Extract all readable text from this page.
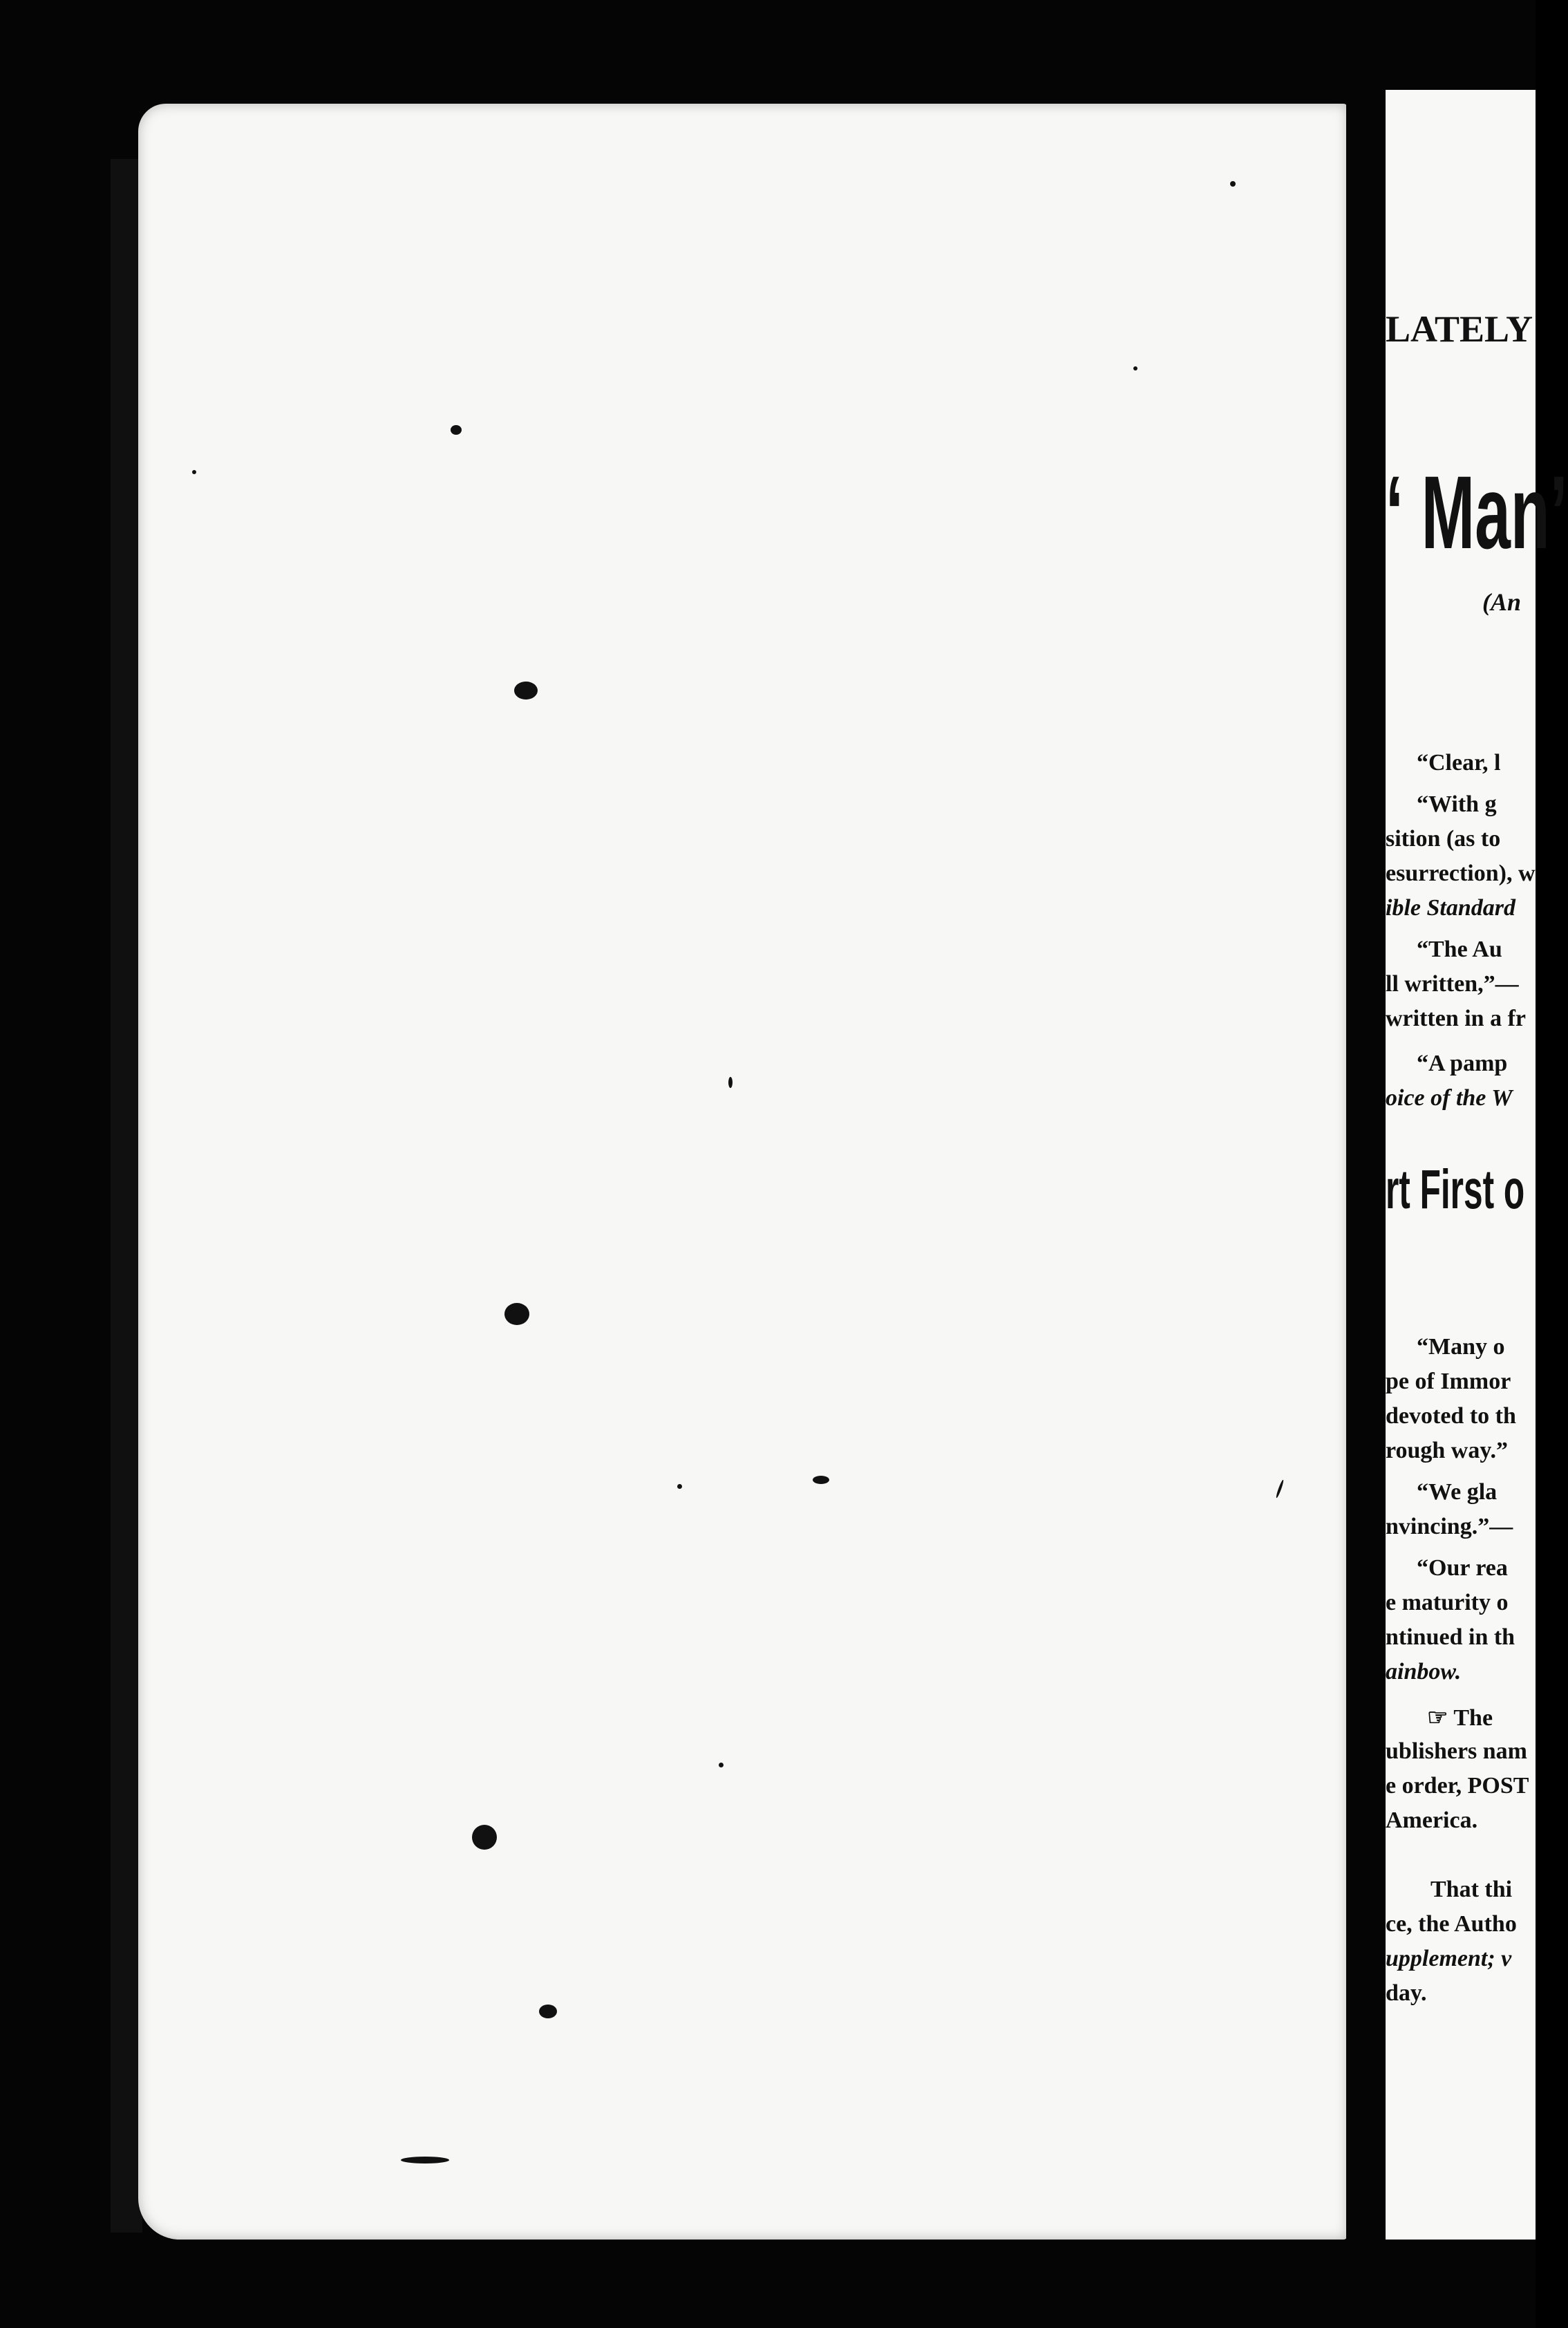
LATELY
‘ Man’
(An
“Clear, l
“With g
sition (as to
esurrection), w
ible Standard
“The Au
ll written,”—
written in a fr
“A pamp
oice of the W
rt First o
“Many o
pe of Immor
devoted to th
rough way.”
“We gla
nvincing.”—
“Our rea
e maturity o
ntinued in th
ainbow.
☞ The
ublishers nam
e order, POST
America.
That thi
ce, the Autho
upplement; v
day.
